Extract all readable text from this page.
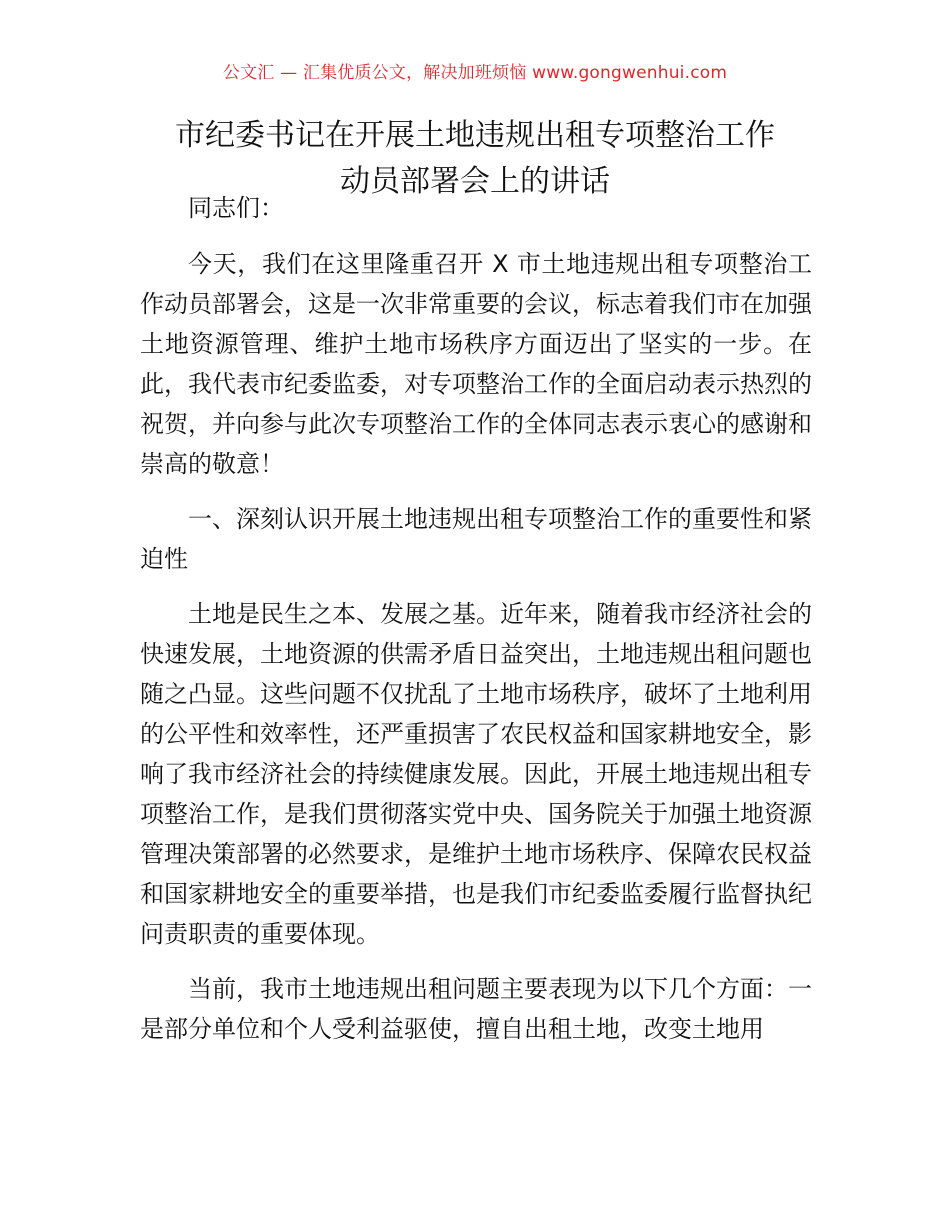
公文汇 — 汇集优质公文，解决加班烦恼 www.gongwenhui.com
市纪委书记在开展土地违规出租专项整治工作
动员部署会上的讲话

同志们：

今天，我们在这里隆重召开 X 市土地违规出租专项整治工作动员部署会，这是一次非常重要的会议，标志着我们市在加强土地资源管理、维护土地市场秩序方面迈出了坚实的一步。在此，我代表市纪委监委，对专项整治工作的全面启动表示热烈的祝贺，并向参与此次专项整治工作的全体同志表示衷心的感谢和崇高的敬意！

一、深刻认识开展土地违规出租专项整治工作的重要性和紧迫性

土地是民生之本、发展之基。近年来，随着我市经济社会的快速发展，土地资源的供需矛盾日益突出，土地违规出租问题也随之凸显。这些问题不仅扰乱了土地市场秩序，破坏了土地利用的公平性和效率性，还严重损害了农民权益和国家耕地安全，影响了我市经济社会的持续健康发展。因此，开展土地违规出租专项整治工作，是我们贯彻落实党中央、国务院关于加强土地资源管理决策部署的必然要求，是维护土地市场秩序、保障农民权益和国家耕地安全的重要举措，也是我们市纪委监委履行监督执纪问责职责的重要体现。

当前，我市土地违规出租问题主要表现为以下几个方面：一是部分单位和个人受利益驱使，擅自出租土地，改变土地用
